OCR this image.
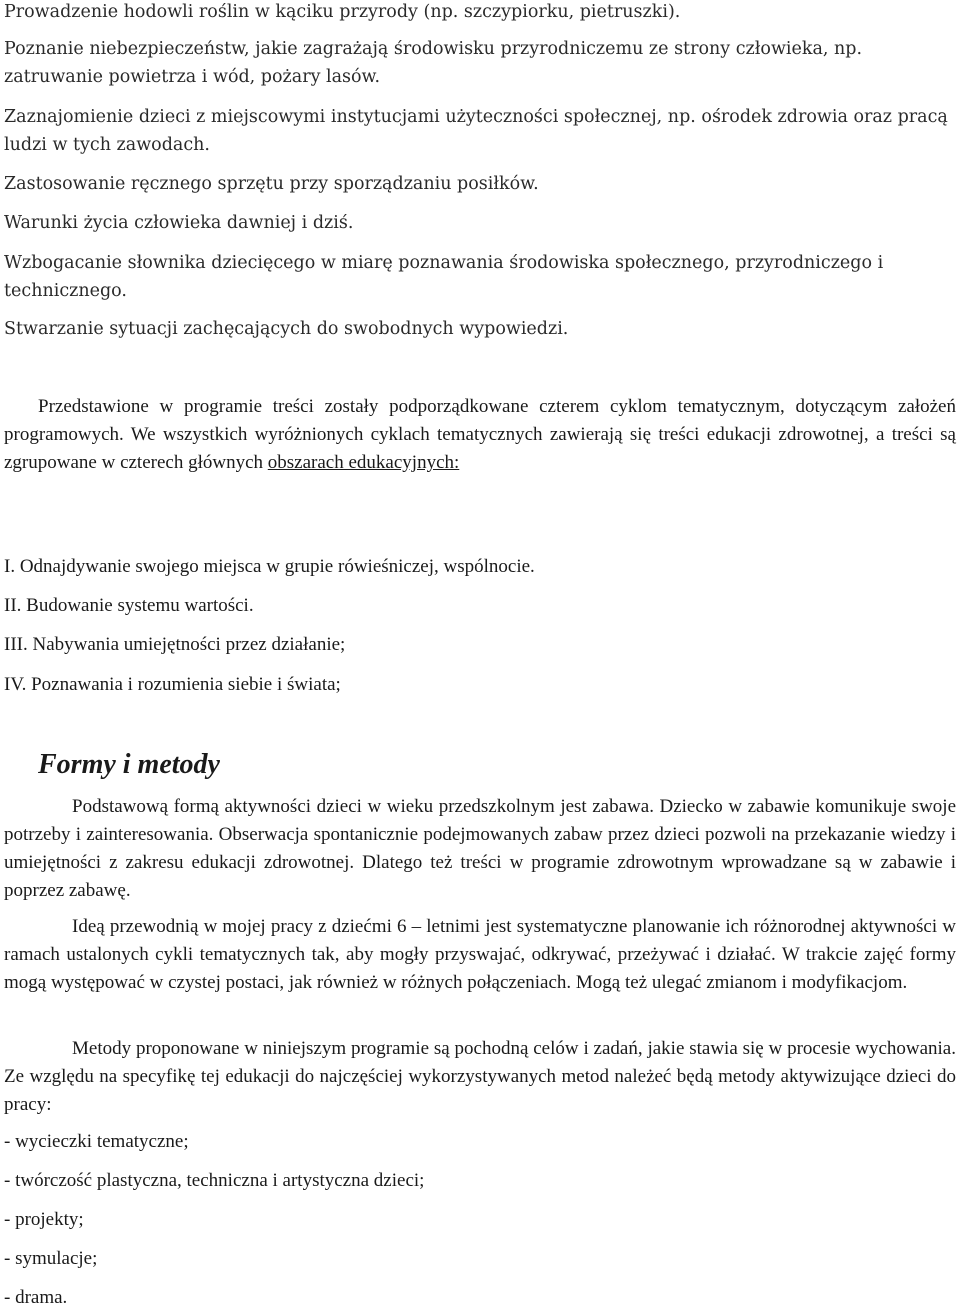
Prowadzenie hodowli roślin w kąciku przyrody (np. szczypiorku, pietruszki).

Poznanie niebezpieczeństw, jakie zagrażają środowisku przyrodniczemu ze strony człowieka, np. zatruwanie powietrza i wód, pożary lasów.

Zaznajomienie dzieci z miejscowymi instytucjami użyteczności społecznej, np. ośrodek zdrowia oraz pracą ludzi w tych zawodach.

Zastosowanie ręcznego sprzętu przy sporządzaniu posiłków.

Warunki życia człowieka dawniej i dziś.

Wzbogacanie słownika dziecięcego w miarę poznawania środowiska społecznego, przyrodniczego i technicznego.

Stwarzanie sytuacji zachęcających do swobodnych wypowiedzi.

Przedstawione w programie treści zostały podporządkowane czterem cyklom tematycznym, dotyczącym założeń programowych. We wszystkich wyróżnionych cyklach tematycznych zawierają się treści edukacji zdrowotnej, a treści są zgrupowane w czterech głównych obszarach edukacyjnych:

I. Odnajdywanie swojego miejsca w grupie rówieśniczej, wspólnocie.

II. Budowanie systemu wartości.

III. Nabywania umiejętności przez działanie;

IV. Poznawania i rozumienia siebie i świata;

Formy i metody

Podstawową formą aktywności dzieci w wieku przedszkolnym jest zabawa. Dziecko w zabawie komunikuje swoje potrzeby i zainteresowania. Obserwacja spontanicznie podejmowanych zabaw przez dzieci pozwoli na przekazanie wiedzy i umiejętności z zakresu edukacji zdrowotnej. Dlatego też treści w programie zdrowotnym wprowadzane są w zabawie i poprzez zabawę.

Ideą przewodnią w mojej pracy z dziećmi 6 – letnimi jest systematyczne planowanie ich różnorodnej aktywności w ramach ustalonych cykli tematycznych tak, aby mogły przyswajać, odkrywać, przeżywać i działać. W trakcie zajęć formy mogą występować w czystej postaci, jak również w różnych połączeniach. Mogą też ulegać zmianom i modyfikacjom.

Metody proponowane w niniejszym programie są pochodną celów i zadań, jakie stawia się w procesie wychowania. Ze względu na specyfikę tej edukacji do najczęściej wykorzystywanych metod należeć będą metody aktywizujące dzieci do pracy:

- wycieczki tematyczne;

- twórczość plastyczna, techniczna i artystyczna dzieci;

- projekty;

- symulacje;

- drama.
